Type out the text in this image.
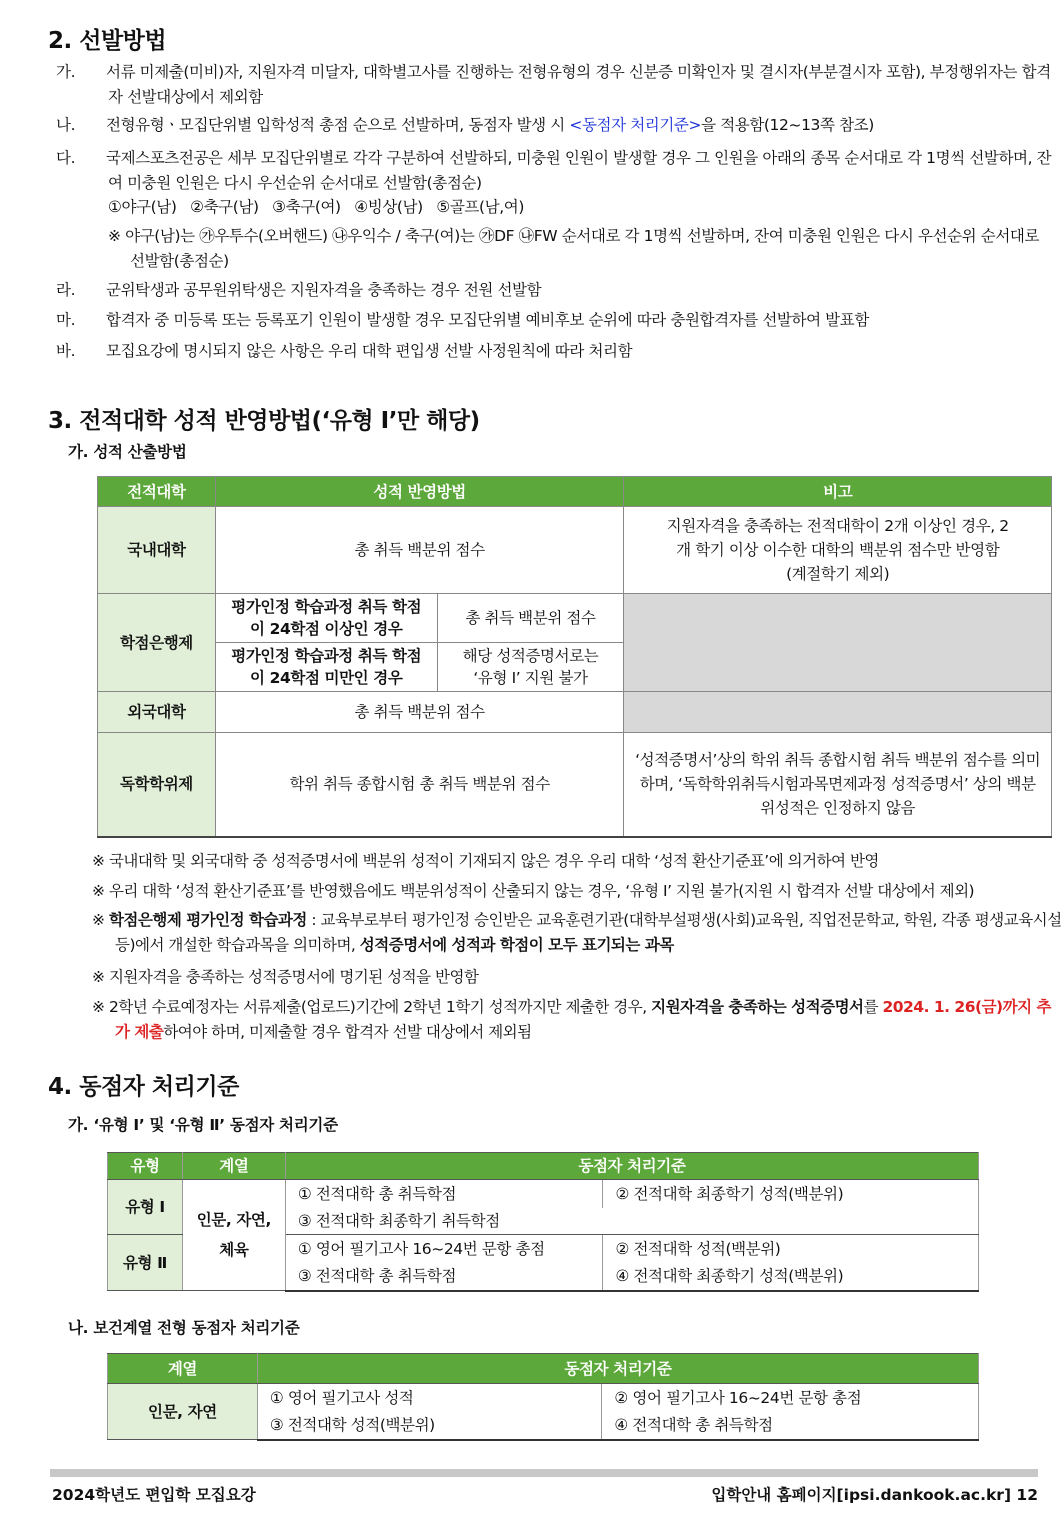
2. 선발방법
가. 서류 미제출(미비)자, 지원자격 미달자, 대학별고사를 진행하는 전형유형의 경우 신분증 미확인자 및 결시자(부분결시자 포함), 부정행위자는 합격자 선발대상에서 제외함
나. 전형유형ㆍ모집단위별 입학성적 총점 순으로 선발하며, 동점자 발생 시 <동점자 처리기준>을 적용함(12~13쪽 참조)
다. 국제스포츠전공은 세부 모집단위별로 각각 구분하여 선발하되, 미충원 인원이 발생할 경우 그 인원을 아래의 종목 순서대로 각 1명씩 선발하며, 잔여 미충원 인원은 다시 우선순위 순서대로 선발함(총점순)
①야구(남)   ②축구(남)   ③축구(여)   ④빙상(남)   ⑤골프(남,여)
※ 야구(남)는 ㉮우투수(오버핸드) ㉯우익수 / 축구(여)는 ㉮DF ㉯FW 순서대로 각 1명씩 선발하며, 잔여 미충원 인원은 다시 우선순위 순서대로 선발함(총점순)
라. 군위탁생과 공무원위탁생은 지원자격을 충족하는 경우 전원 선발함
마. 합격자 중 미등록 또는 등록포기 인원이 발생할 경우 모집단위별 예비후보 순위에 따라 충원합격자를 선발하여 발표함
바. 모집요강에 명시되지 않은 사항은 우리 대학 편입생 선발 사정원칙에 따라 처리함
3. 전적대학 성적 반영방법(‘유형 Ⅰ’만 해당)
가. 성적 산출방법
전적대학	성적 반영방법		비고
국내대학	총 취득 백분위 점수		지원자격을 충족하는 전적대학이 2개 이상인 경우, 2개 학기 이상 이수한 대학의 백분위 점수만 반영함 (계절학기 제외)
학점은행제	평가인정 학습과정 취득 학점이 24학점 이상인 경우	총 취득 백분위 점수	
	평가인정 학습과정 취득 학점이 24학점 미만인 경우	해당 성적증명서로는 ‘유형 Ⅰ’ 지원 불가	
외국대학	총 취득 백분위 점수		
독학학위제	학위 취득 종합시험 총 취득 백분위 점수		‘성적증명서’상의 학위 취득 종합시험 취득 백분위 점수를 의미하며, ‘독학학위취득시험과목면제과정 성적증명서’ 상의 백분위성적은 인정하지 않음
※ 국내대학 및 외국대학 중 성적증명서에 백분위 성적이 기재되지 않은 경우 우리 대학 ‘성적 환산기준표’에 의거하여 반영
※ 우리 대학 ‘성적 환산기준표’를 반영했음에도 백분위성적이 산출되지 않는 경우, ‘유형 Ⅰ’ 지원 불가(지원 시 합격자 선발 대상에서 제외)
※ 학점은행제 평가인정 학습과정 : 교육부로부터 평가인정 승인받은 교육훈련기관(대학부설평생(사회)교육원, 직업전문학교, 학원, 각종 평생교육시설 등)에서 개설한 학습과목을 의미하며, 성적증명서에 성적과 학점이 모두 표기되는 과목
※ 지원자격을 충족하는 성적증명서에 명기된 성적을 반영함
※ 2학년 수료예정자는 서류제출(업로드)기간에 2학년 1학기 성적까지만 제출한 경우, 지원자격을 충족하는 성적증명서를 2024. 1. 26(금)까지 추가 제출하여야 하며, 미제출할 경우 합격자 선발 대상에서 제외됨
4. 동점자 처리기준
가. ‘유형 Ⅰ’ 및 ‘유형 Ⅱ’ 동점자 처리기준
유형	계열	동점자 처리기준	
유형 Ⅰ	인문, 자연, 체육	① 전적대학 총 취득학점	② 전적대학 최종학기 성적(백분위)
		③ 전적대학 최종학기 취득학점	
유형 Ⅱ		① 영어 필기고사 16~24번 문항 총점	② 전적대학 성적(백분위)
		③ 전적대학 총 취득학점	④ 전적대학 최종학기 성적(백분위)
나. 보건계열 전형 동점자 처리기준
계열	동점자 처리기준	
인문, 자연	① 영어 필기고사 성적	② 영어 필기고사 16~24번 문항 총점
	③ 전적대학 성적(백분위)	④ 전적대학 총 취득학점
2024학년도 편입학 모집요강	입학안내 홈페이지[ipsi.dankook.ac.kr] 12
